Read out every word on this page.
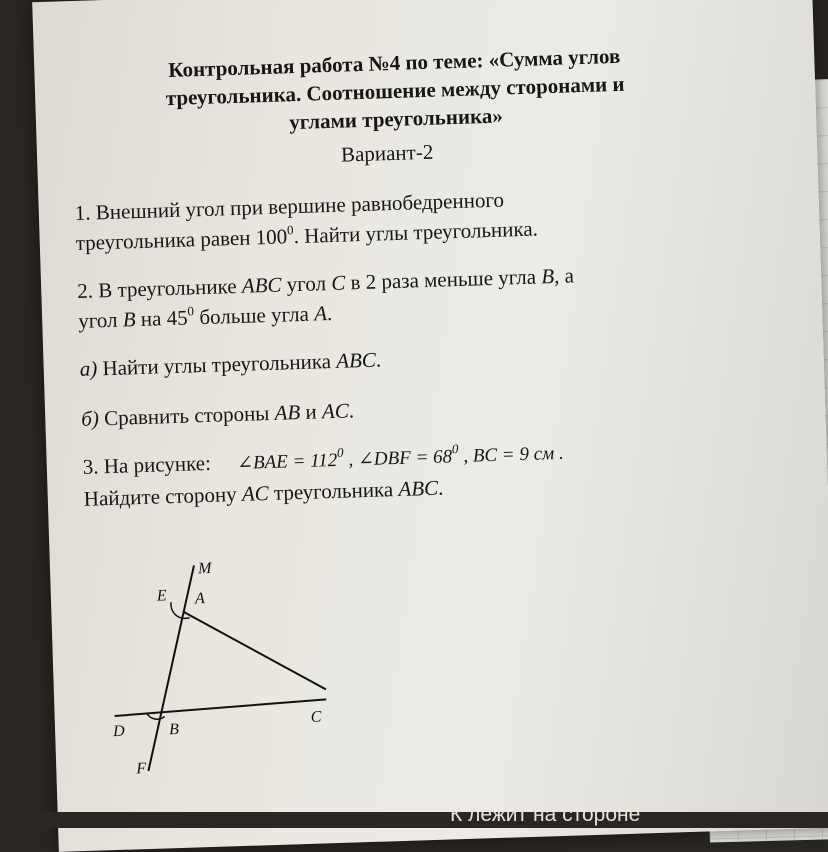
Контрольная работа №4 по теме: «Сумма углов
треугольника. Соотношение между сторонами и
углами треугольника»
Вариант-2
1. Внешний угол при вершине равнобедренного
треугольника равен $100^0$. Найти углы треугольника.
2. В треугольнике ABC угол C в 2 раза меньше угла B, а
угол B на $45^0$ больше угла A.
а) Найти углы треугольника ABC.
б) Сравнить стороны AB и AC.
3. На рисунке: ∠BAE = $112^0$ , ∠DBF = $68^0$ , BC = 9 см .
Найдите сторону AC треугольника ABC.
M
E A
D	B
C
F
К лежит на стороне
